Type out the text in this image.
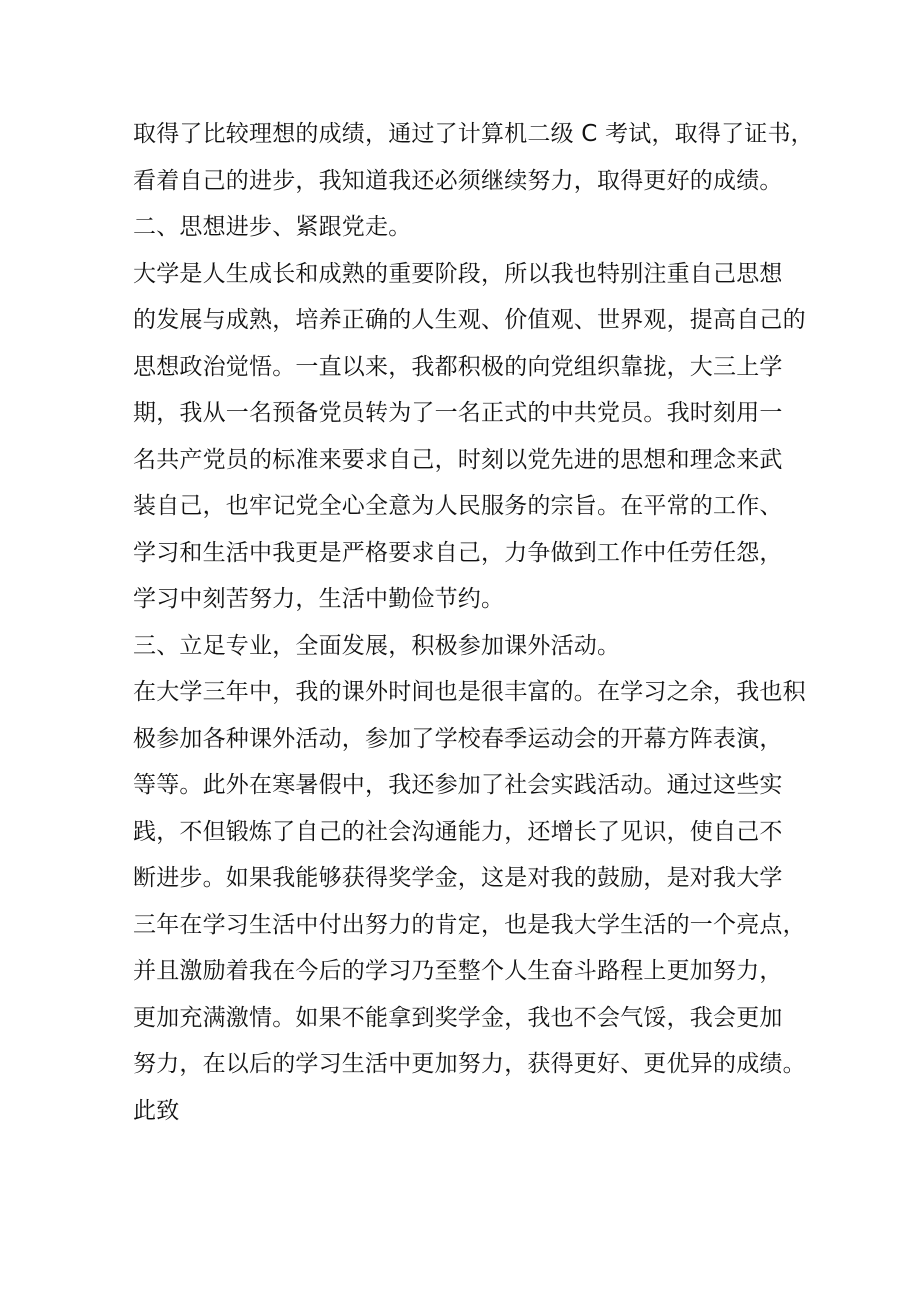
取得了比较理想的成绩，通过了计算机二级 C 考试，取得了证书，
看着自己的进步，我知道我还必须继续努力，取得更好的成绩。
二、思想进步、紧跟党走。
大学是人生成长和成熟的重要阶段，所以我也特别注重自己思想
的发展与成熟，培养正确的人生观、价值观、世界观，提高自己的
思想政治觉悟。一直以来，我都积极的向党组织靠拢，大三上学
期，我从一名预备党员转为了一名正式的中共党员。我时刻用一
名共产党员的标准来要求自己，时刻以党先进的思想和理念来武
装自己，也牢记党全心全意为人民服务的宗旨。在平常的工作、
学习和生活中我更是严格要求自己，力争做到工作中任劳任怨，
学习中刻苦努力，生活中勤俭节约。
三、立足专业，全面发展，积极参加课外活动。
在大学三年中，我的课外时间也是很丰富的。在学习之余，我也积
极参加各种课外活动，参加了学校春季运动会的开幕方阵表演，
等等。此外在寒暑假中，我还参加了社会实践活动。通过这些实
践，不但锻炼了自己的社会沟通能力，还增长了见识，使自己不
断进步。如果我能够获得奖学金，这是对我的鼓励，是对我大学
三年在学习生活中付出努力的肯定，也是我大学生活的一个亮点，
并且激励着我在今后的学习乃至整个人生奋斗路程上更加努力，
更加充满激情。如果不能拿到奖学金，我也不会气馁，我会更加
努力，在以后的学习生活中更加努力，获得更好、更优异的成绩。
此致
